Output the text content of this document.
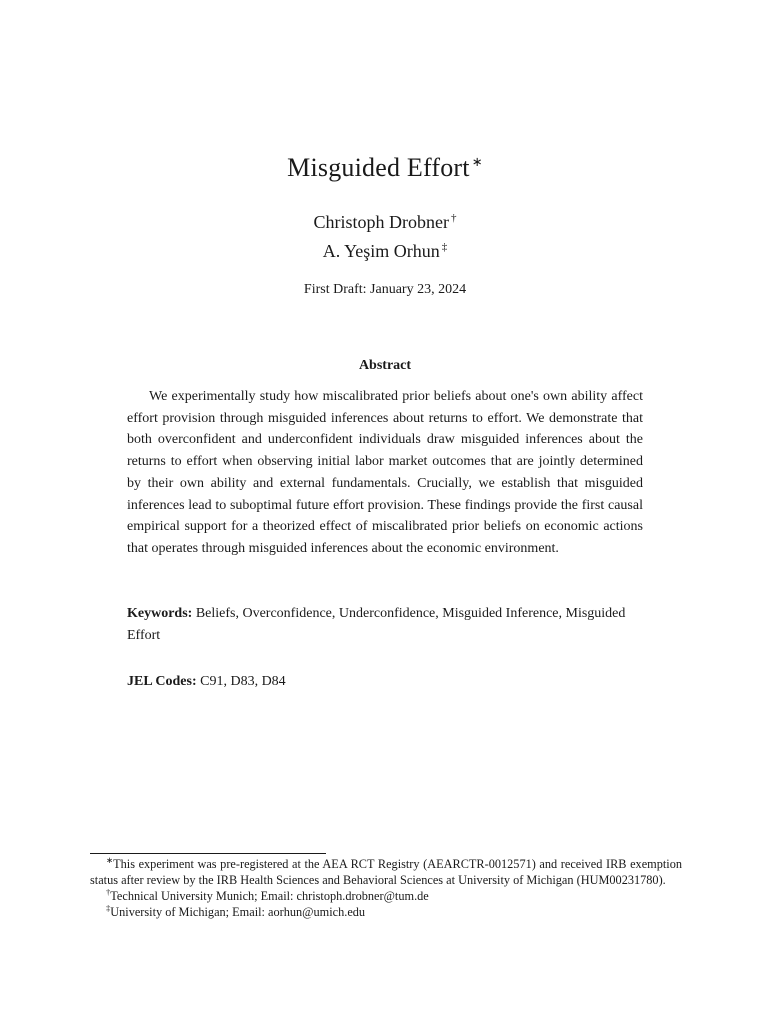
Misguided Effort ∗
Christoph Drobner †
A. Yeşim Orhun ‡
First Draft: January 23, 2024
Abstract

We experimentally study how miscalibrated prior beliefs about one's own ability affect effort provision through misguided inferences about returns to effort. We demonstrate that both overconfident and underconfident individuals draw misguided inferences about the returns to effort when observing initial labor market outcomes that are jointly determined by their own ability and external fundamentals. Crucially, we establish that misguided inferences lead to suboptimal future effort provision. These findings provide the first causal empirical support for a theorized effect of miscalibrated prior beliefs on economic actions that operates through misguided inferences about the economic environment.

Keywords: Beliefs, Overconfidence, Underconfidence, Misguided Inference, Misguided Effort

JEL Codes: C91, D83, D84

∗This experiment was pre-registered at the AEA RCT Registry (AEARCTR-0012571) and received IRB exemption status after review by the IRB Health Sciences and Behavioral Sciences at University of Michigan (HUM00231780).

†Technical University Munich; Email: christoph.drobner@tum.de

‡University of Michigan; Email: aorhun@umich.edu
